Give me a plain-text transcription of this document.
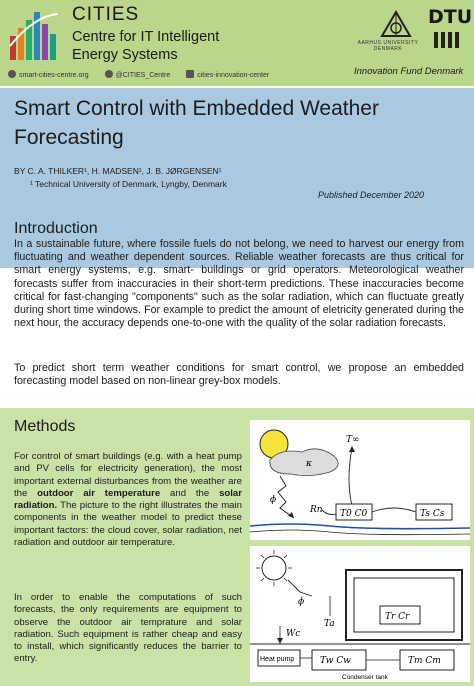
CITIES
Centre for IT Intelligent Energy Systems
smart-cities-centre.org	@CITIES_Centre	cities-innovation-center
AARHUS UNIVERSITY DENMARK
DTU
Innovation Fund Denmark
Smart Control with Embedded Weather Forecasting
BY C. A. THILKER¹, H. MADSEN¹, J. B. JØRGENSEN¹
¹ Technical University of Denmark, Lyngby, Denmark
Published December 2020
Introduction
In a sustainable future, where fossile fuels do not belong, we need to harvest our energy from fluctuating and weather dependent sources. Reliable weather forecasts are thus critical for smart energy systems, e.g. smart- buildings or grid operators. Meteorological weather forecasts suffer from inaccuracies in their short-term predictions. These inaccuracies become critical for fast-changing "components" such as the solar radiation, which can fluctuate greatly during short time windows. For example to predict the amount of eletricity generated during the next hour, the accuracy depends one-to-one with the quality of the solar radiation forecasts.
To predict short term weather conditions for smart control, we propose an embedded forecasting model based on non-linear grey-box models.
Methods
For control of smart buildings (e.g. with a heat pump and PV cells for electricity generation), the most important external disturbances from the weather are the outdoor air temperature and the solar radiation. The picture to the right illustrates the main components in the weather model to predict these important factors: the cloud cover, solar radiation, net radiation and outdoor air temperature.
In order to enable the computations of such forecasts, the only requirements are equipment to observe the outdoor air temprature and solar radiation. Such equipment is rather cheap and easy to install, which significantly reduces the barrier to entry.
κ
ϕ
T∞
Rn T0 C0	Ts Cs
ϕ
Tr Cr
Ta
Wc
Heat pump	Tw Cw	Tm Cm
Condenser tank
